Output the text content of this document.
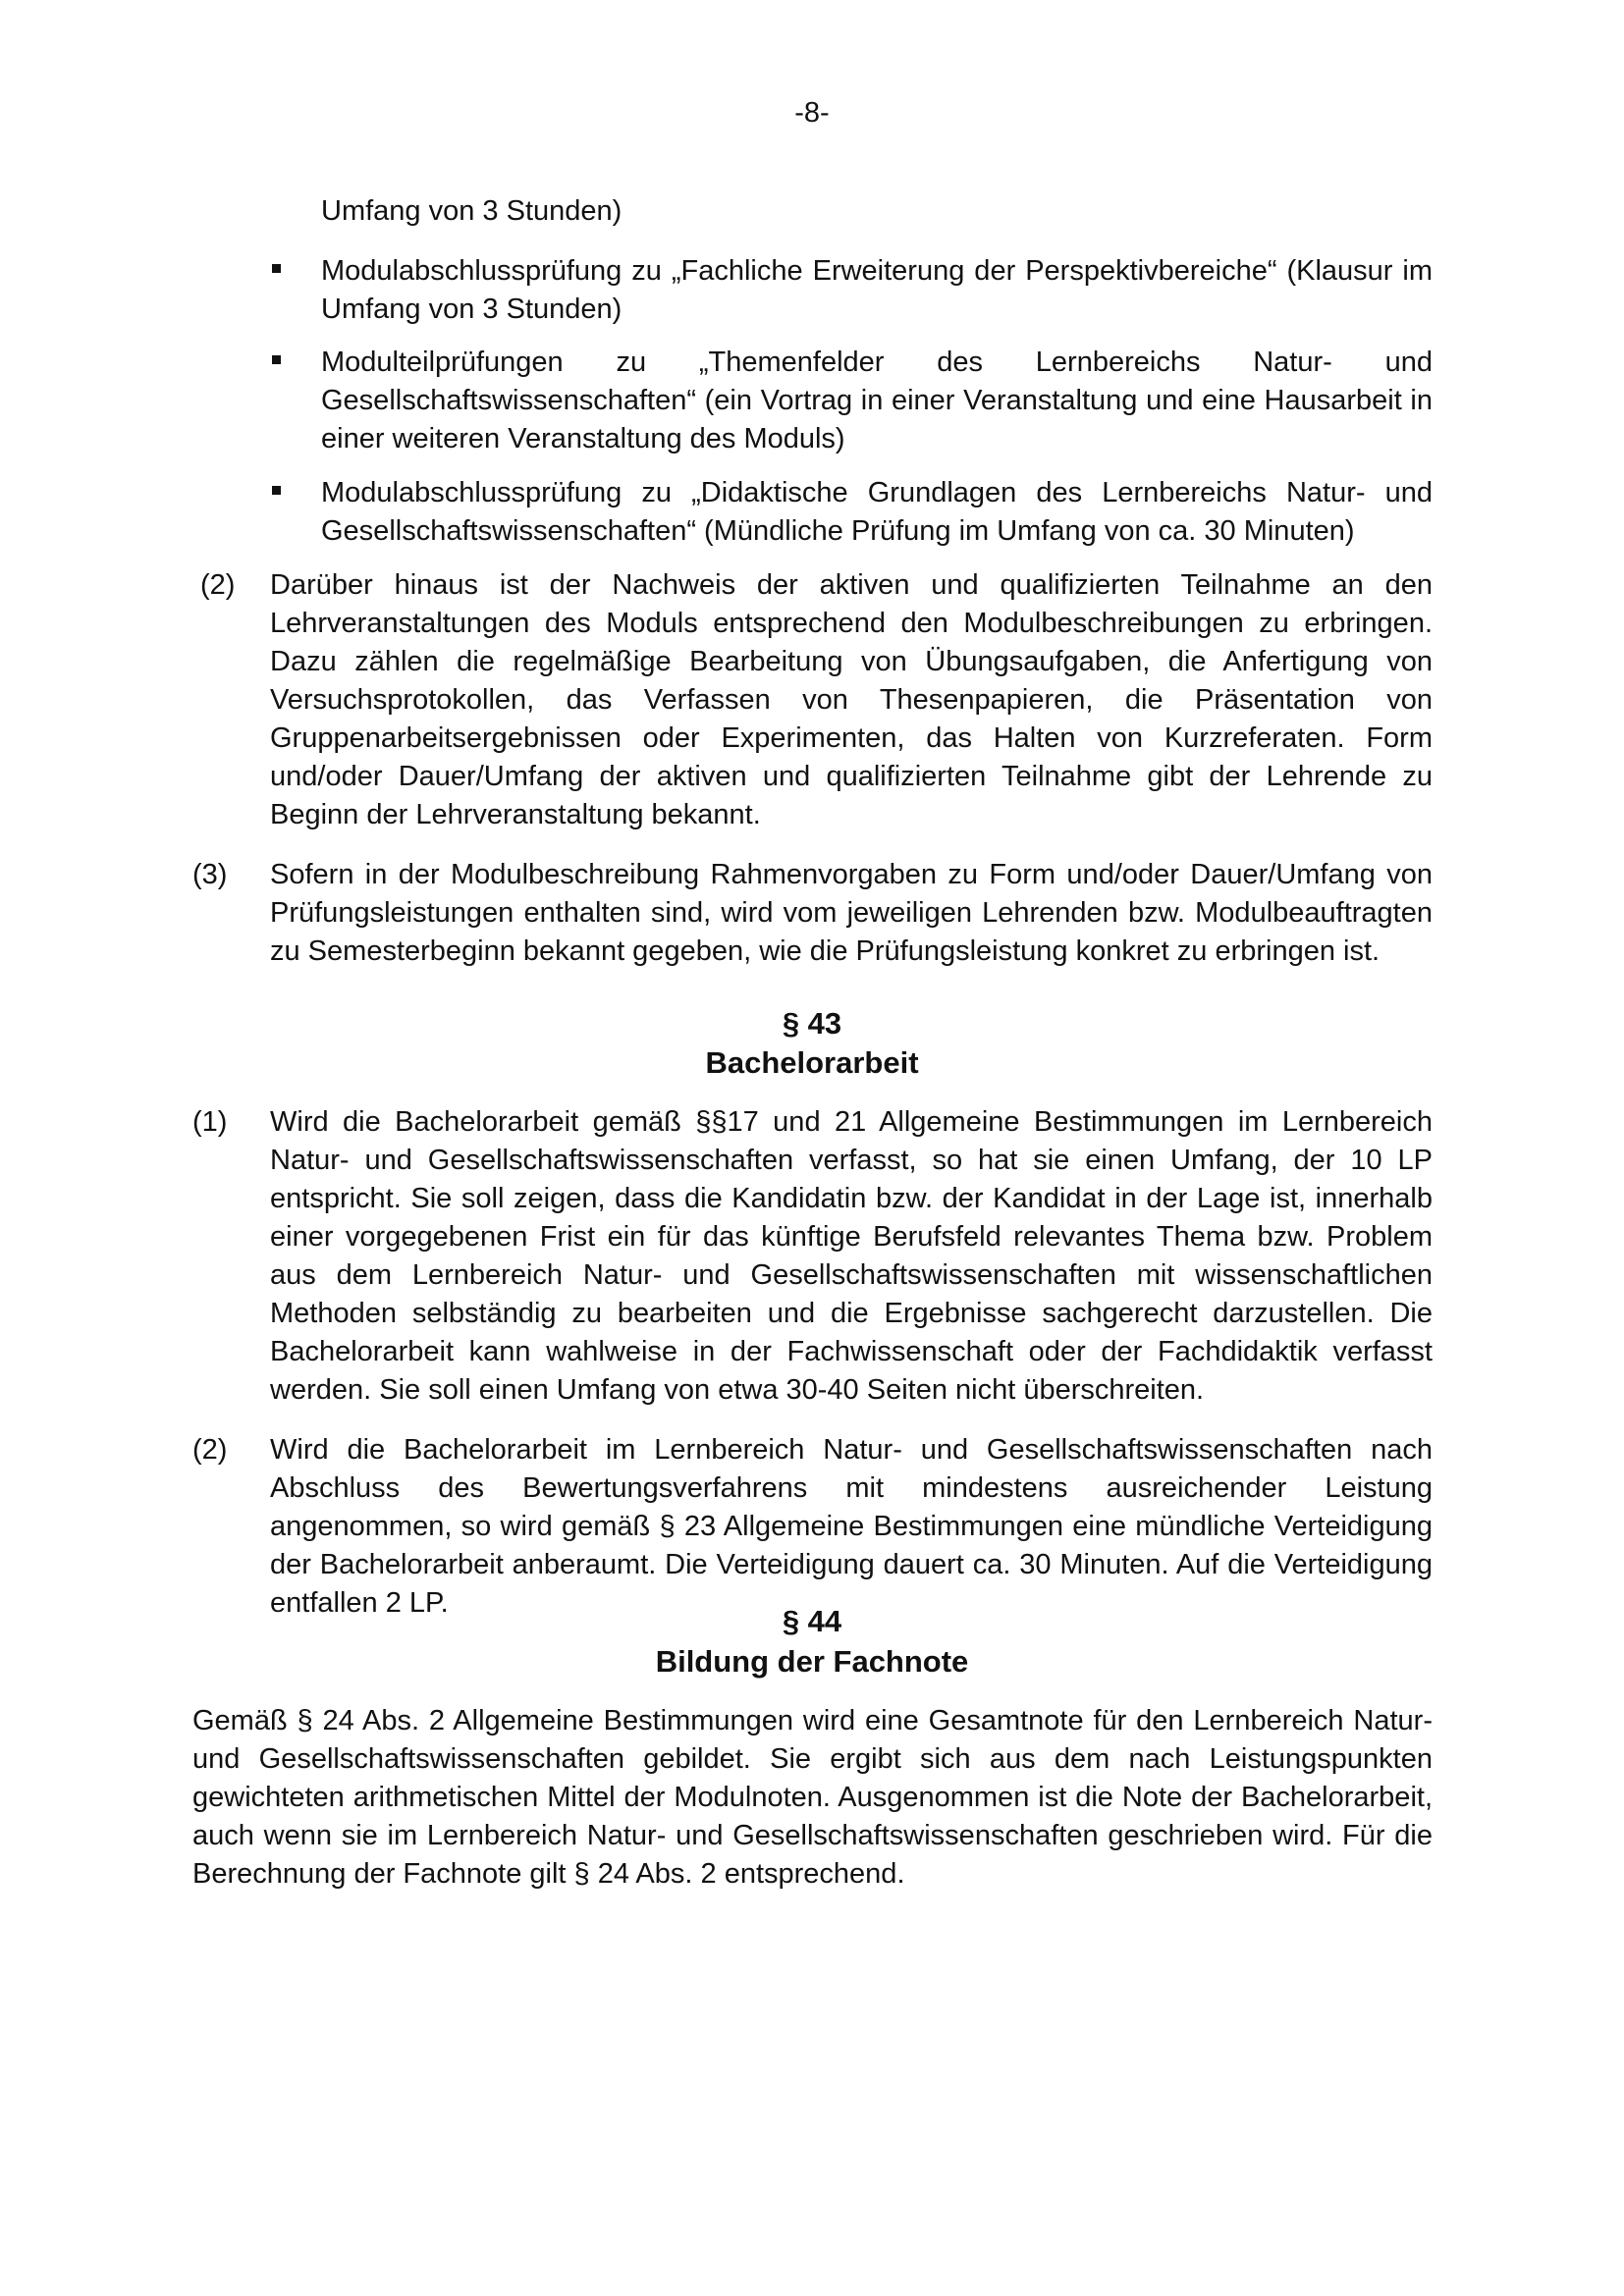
-8-
Umfang von 3 Stunden)
Modulabschlussprüfung zu „Fachliche Erweiterung der Perspektivbereiche“ (Klausur im Umfang von 3 Stunden)
Modulteilprüfungen zu „Themenfelder des Lernbereichs Natur- und Gesellschaftswissenschaften“ (ein Vortrag in einer Veranstaltung und eine Hausarbeit in einer weiteren Veranstaltung des Moduls)
Modulabschlussprüfung zu „Didaktische Grundlagen des Lernbereichs Natur- und Gesellschaftswissenschaften“ (Mündliche Prüfung im Umfang von ca. 30 Minuten)
(2) Darüber hinaus ist der Nachweis der aktiven und qualifizierten Teilnahme an den Lehrveranstaltungen des Moduls entsprechend den Modulbeschreibungen zu erbringen. Dazu zählen die regelmäßige Bearbeitung von Übungsaufgaben, die Anfertigung von Versuchsprotokollen, das Verfassen von Thesenpapieren, die Präsentation von Gruppenarbeitsergebnissen oder Experimenten, das Halten von Kurzreferaten. Form und/oder Dauer/Umfang der aktiven und qualifizierten Teilnahme gibt der Lehrende zu Beginn der Lehrveranstaltung bekannt.
(3) Sofern in der Modulbeschreibung Rahmenvorgaben zu Form und/oder Dauer/Umfang von Prüfungsleistungen enthalten sind, wird vom jeweiligen Lehrenden bzw. Modulbeauftragten zu Semesterbeginn bekannt gegeben, wie die Prüfungsleistung konkret zu erbringen ist.
§ 43
Bachelorarbeit
(1) Wird die Bachelorarbeit gemäß §§17 und 21 Allgemeine Bestimmungen im Lernbereich Natur- und Gesellschaftswissenschaften verfasst, so hat sie einen Umfang, der 10 LP entspricht. Sie soll zeigen, dass die Kandidatin bzw. der Kandidat in der Lage ist, innerhalb einer vorgegebenen Frist ein für das künftige Berufsfeld relevantes Thema bzw. Problem aus dem Lernbereich Natur- und Gesellschaftswissenschaften mit wissenschaftlichen Methoden selbständig zu bearbeiten und die Ergebnisse sachgerecht darzustellen. Die Bachelorarbeit kann wahlweise in der Fachwissenschaft oder der Fachdidaktik verfasst werden. Sie soll einen Umfang von etwa 30-40 Seiten nicht überschreiten.
(2) Wird die Bachelorarbeit im Lernbereich Natur- und Gesellschaftswissenschaften nach Abschluss des Bewertungsverfahrens mit mindestens ausreichender Leistung angenommen, so wird gemäß § 23 Allgemeine Bestimmungen eine mündliche Verteidigung der Bachelorarbeit anberaumt. Die Verteidigung dauert ca. 30 Minuten. Auf die Verteidigung entfallen 2 LP.
§ 44
Bildung der Fachnote
Gemäß § 24 Abs. 2 Allgemeine Bestimmungen wird eine Gesamtnote für den Lernbereich Natur- und Gesellschaftswissenschaften gebildet. Sie ergibt sich aus dem nach Leistungspunkten gewichteten arithmetischen Mittel der Modulnoten. Ausgenommen ist die Note der Bachelorarbeit, auch wenn sie im Lernbereich Natur- und Gesellschaftswissenschaften geschrieben wird. Für die Berechnung der Fachnote gilt § 24 Abs. 2 entsprechend.
